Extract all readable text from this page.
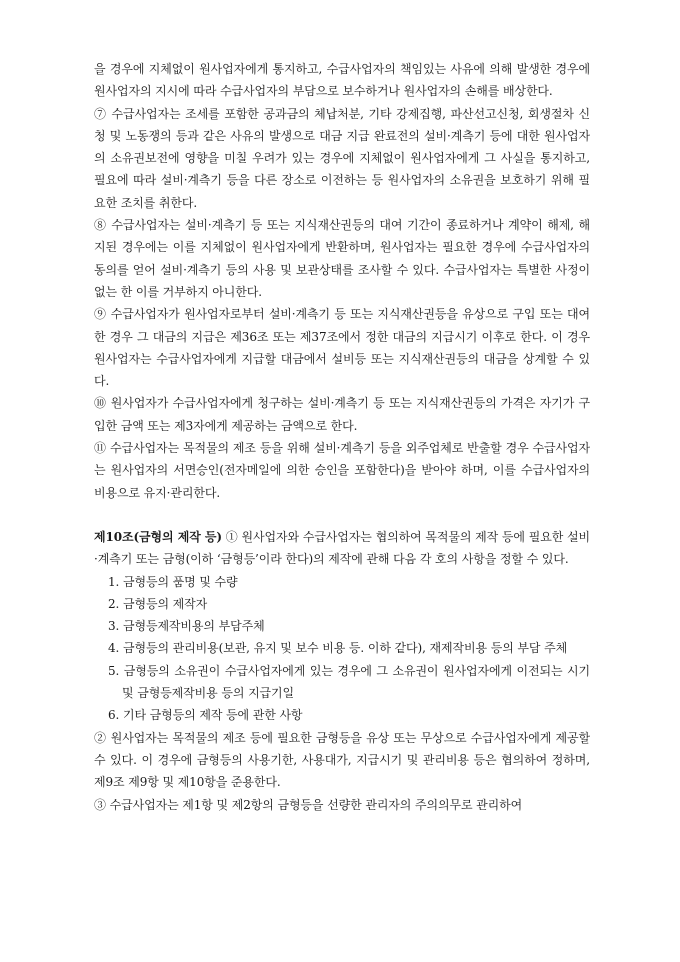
을 경우에 지체없이 원사업자에게 통지하고, 수급사업자의 책임있는 사유에 의해 발생한 경우에 원사업자의 지시에 따라 수급사업자의 부담으로 보수하거나 원사업자의 손해를 배상한다.

⑦ 수급사업자는 조세를 포함한 공과금의 체납처분, 기타 강제집행, 파산선고신청, 회생절차 신청 및 노동쟁의 등과 같은 사유의 발생으로 대금 지급 완료전의 설비·계측기 등에 대한 원사업자의 소유권보전에 영향을 미칠 우려가 있는 경우에 지체없이 원사업자에게 그 사실을 통지하고, 필요에 따라 설비·계측기 등을 다른 장소로 이전하는 등 원사업자의 소유권을 보호하기 위해 필요한 조치를 취한다.

⑧ 수급사업자는 설비·계측기 등 또는 지식재산권등의 대여 기간이 종료하거나 계약이 해제, 해지된 경우에는 이를 지체없이 원사업자에게 반환하며, 원사업자는 필요한 경우에 수급사업자의 동의를 얻어 설비·계측기 등의 사용 및 보관상태를 조사할 수 있다. 수급사업자는 특별한 사정이 없는 한 이를 거부하지 아니한다.

⑨ 수급사업자가 원사업자로부터 설비·계측기 등 또는 지식재산권등을 유상으로 구입 또는 대여한 경우 그 대금의 지급은 제36조 또는 제37조에서 정한 대금의 지급시기 이후로 한다. 이 경우 원사업자는 수급사업자에게 지급할 대금에서 설비등 또는 지식재산권등의 대금을 상계할 수 있다.

⑩ 원사업자가 수급사업자에게 청구하는 설비·계측기 등 또는 지식재산권등의 가격은 자기가 구입한 금액 또는 제3자에게 제공하는 금액으로 한다.

⑪ 수급사업자는 목적물의 제조 등을 위해 설비·계측기 등을 외주업체로 반출할 경우 수급사업자는 원사업자의 서면승인(전자메일에 의한 승인을 포함한다)을 받아야 하며, 이를 수급사업자의 비용으로 유지·관리한다.

제10조(금형의 제작 등) ① 원사업자와 수급사업자는 협의하여 목적물의 제작 등에 필요한 설비·계측기 또는 금형(이하 ‘금형등’이라 한다)의 제작에 관해 다음 각 호의 사항을 정할 수 있다.

1. 금형등의 품명 및 수량
2. 금형등의 제작자
3. 금형등제작비용의 부담주체
4. 금형등의 관리비용(보관, 유지 및 보수 비용 등. 이하 같다), 재제작비용 등의 부담 주체
5. 금형등의 소유권이 수급사업자에게 있는 경우에 그 소유권이 원사업자에게 이전되는 시기 및 금형등제작비용 등의 지급기일
6. 기타 금형등의 제작 등에 관한 사항

② 원사업자는 목적물의 제조 등에 필요한 금형등을 유상 또는 무상으로 수급사업자에게 제공할 수 있다. 이 경우에 금형등의 사용기한, 사용대가, 지급시기 및 관리비용 등은 협의하여 정하며, 제9조 제9항 및 제10항을 준용한다.

③ 수급사업자는 제1항 및 제2항의 금형등을 선량한 관리자의 주의의무로 관리하여
